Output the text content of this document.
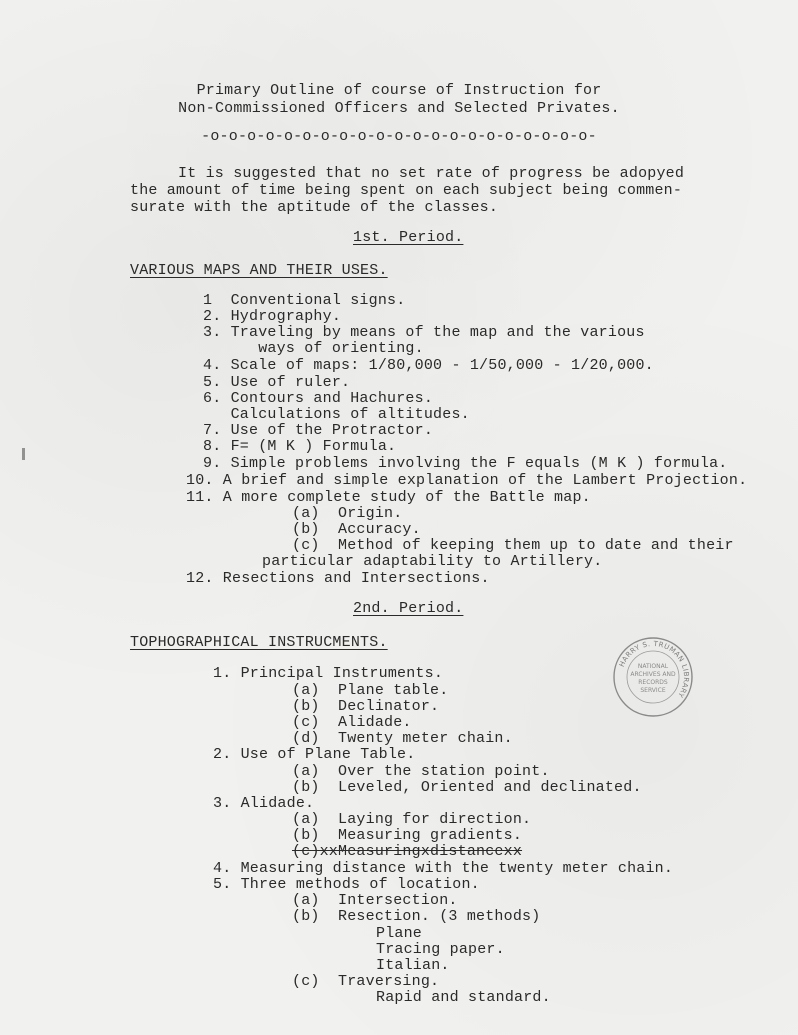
Primary Outline of course of Instruction for
Non-Commissioned Officers and Selected Privates.
-o-o-o-o-o-o-o-o-o-o-o-o-o-o-o-o-o-o-o-o-o-
It is suggested that no set rate of progress be adopyed
the amount of time being spent on each subject being commen-
surate with the aptitude of the classes.
1st. Period.
VARIOUS MAPS AND THEIR USES.
1  Conventional signs.
2. Hydrography.
3. Traveling by means of the map and the various
ways of orienting.
4. Scale of maps: 1/80,000 - 1/50,000 - 1/20,000.
5. Use of ruler.
6. Contours and Hachures.
Calculations of altitudes.
7. Use of the Protractor.
8. F= (M K ) Formula.
9. Simple problems involving the F equals (M K ) formula.
10. A brief and simple explanation of the Lambert Projection.
11. A more complete study of the Battle map.
(a)  Origin.
(b)  Accuracy.
(c)  Method of keeping them up to date and their
particular adaptability to Artillery.
12. Resections and Intersections.
2nd. Period.
TOPHOGRAPHICAL INSTRUCMENTS.
1. Principal Instruments.
(a)  Plane table.
(b)  Declinator.
(c)  Alidade.
(d)  Twenty meter chain.
2. Use of Plane Table.
(a)  Over the station point.
(b)  Leveled, Oriented and declinated.
3. Alidade.
(a)  Laying for direction.
(b)  Measuring gradients.
(c)xxMeasuringxdistancexx
4. Measuring distance with the twenty meter chain.
5. Three methods of location.
(a)  Intersection.
(b)  Resection. (3 methods)
Plane
Tracing paper.
Italian.
(c)  Traversing.
Rapid and standard.
HARRY S. TRUMAN LIBRARY
NATIONAL
ARCHIVES AND
RECORDS
SERVICE
